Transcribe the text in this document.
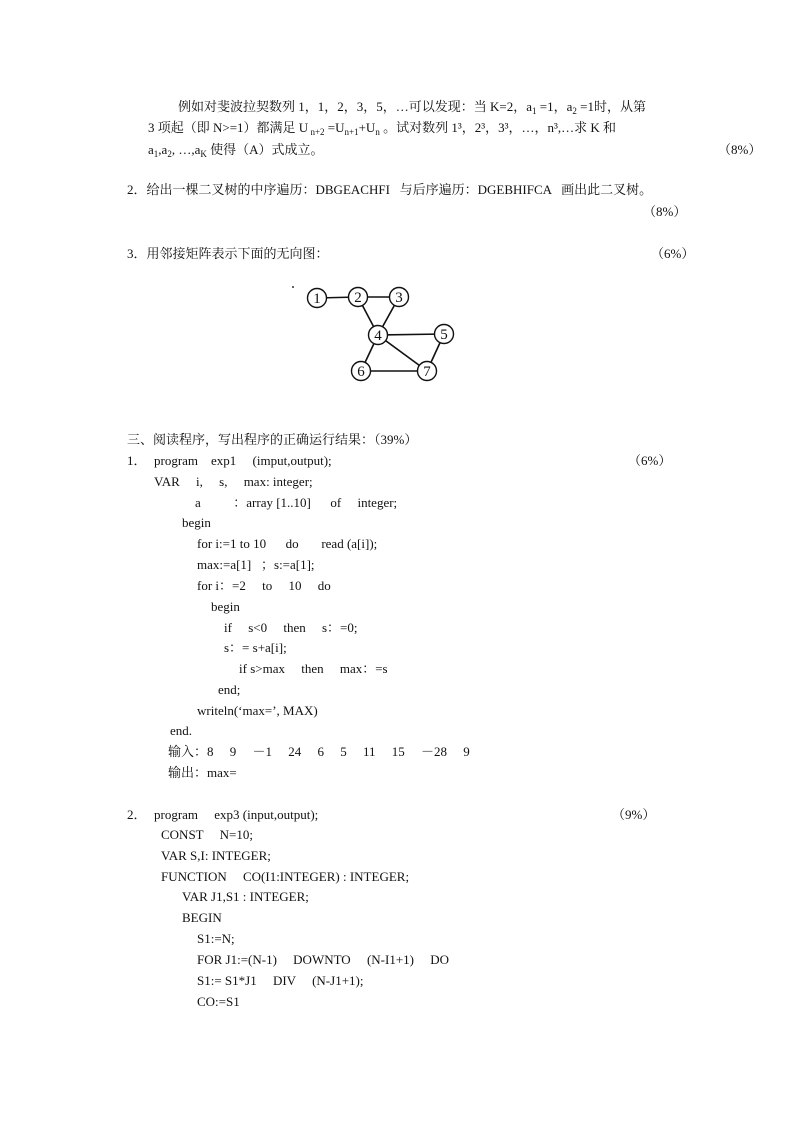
例如对斐波拉契数列 1，1，2，3，5，…可以发现：当 K=2，$a_1 =1$，$a_2 =1$时，从第
3 项起（即 N>=1）都满足 U $_{n+2} =U_{n+1}+U_n$ 。试对数列 1³，2³，3³，…，n³,…求 K 和
$a_1,a_2$, $\dots,a_K$ 使得（A）式成立。	（8%）
2．给出一棵二叉树的中序遍历：DBGEACHFI   与后序遍历：DGEBHIFCA   画出此二叉树。
（8%）
3．用邻接矩阵表示下面的无向图：	（6%）
1 2 3
4	5
6	7
三、阅读程序，写出程序的正确运行结果：（39%）
1．	（6%）
program    exp1     (imput,output);
VAR     i,     s,     max: integer;
a          ：array [1..10]      of     integer;
begin
for i:=1 to 10      do       read (a[i]);
max:=a[1]   ；s:=a[1];
for i：=2     to     10     do
begin
if     s<0     then     s：=0;
s：= s+a[i];
if s>max     then     max：=s
end;
writeln(‘max=’, MAX)
end.
输入：8     9     －1     24     6     5     11     15     －28     9
输出：max=
2．	（9%）
program     exp3 (input,output);
CONST     N=10;
VAR S,I: INTEGER;
FUNCTION     CO(I1:INTEGER) : INTEGER;
VAR J1,S1 : INTEGER;
BEGIN
S1:=N;
FOR J1:=(N-1)     DOWNTO     (N-I1+1)     DO
S1:= S1*J1     DIV     (N-J1+1);
CO:=S1
